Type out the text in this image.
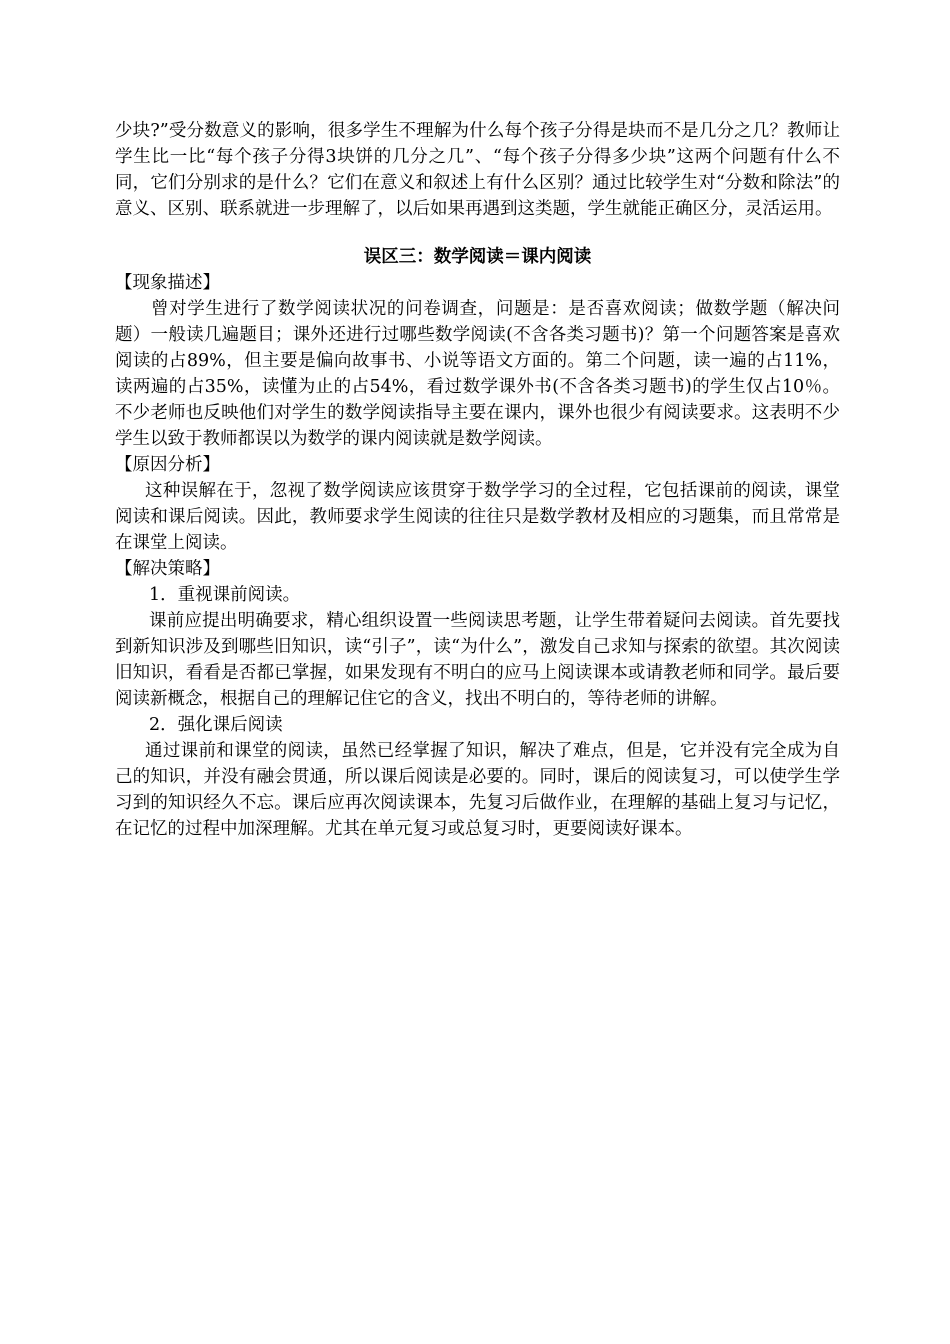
少块?”受分数意义的影响，很多学生不理解为什么每个孩子分得是块而不是几分之几？教师让学生比一比“每个孩子分得3块饼的几分之几”、“每个孩子分得多少块”这两个问题有什么不同，它们分别求的是什么？它们在意义和叙述上有什么区别？通过比较学生对“分数和除法”的意义、区别、联系就进一步理解了，以后如果再遇到这类题，学生就能正确区分，灵活运用。
误区三：数学阅读＝课内阅读
【现象描述】
曾对学生进行了数学阅读状况的问卷调查，问题是：是否喜欢阅读；做数学题（解决问题）一般读几遍题目；课外还进行过哪些数学阅读(不含各类习题书)？第一个问题答案是喜欢阅读的占89%，但主要是偏向故事书、小说等语文方面的。第二个问题，读一遍的占11%，读两遍的占35%，读懂为止的占54%，看过数学课外书(不含各类习题书)的学生仅占10％。不少老师也反映他们对学生的数学阅读指导主要在课内，课外也很少有阅读要求。这表明不少学生以致于教师都误以为数学的课内阅读就是数学阅读。
【原因分析】
这种误解在于，忽视了数学阅读应该贯穿于数学学习的全过程，它包括课前的阅读，课堂阅读和课后阅读。因此，教师要求学生阅读的往往只是数学教材及相应的习题集，而且常常是在课堂上阅读。
【解决策略】
1．重视课前阅读。
课前应提出明确要求，精心组织设置一些阅读思考题，让学生带着疑问去阅读。首先要找到新知识涉及到哪些旧知识，读“引子”，读“为什么”，激发自己求知与探索的欲望。其次阅读旧知识，看看是否都已掌握，如果发现有不明白的应马上阅读课本或请教老师和同学。最后要阅读新概念，根据自己的理解记住它的含义，找出不明白的，等待老师的讲解。
2．强化课后阅读
通过课前和课堂的阅读，虽然已经掌握了知识，解决了难点，但是，它并没有完全成为自己的知识，并没有融会贯通，所以课后阅读是必要的。同时，课后的阅读复习，可以使学生学习到的知识经久不忘。课后应再次阅读课本，先复习后做作业，在理解的基础上复习与记忆，在记忆的过程中加深理解。尤其在单元复习或总复习时，更要阅读好课本。
